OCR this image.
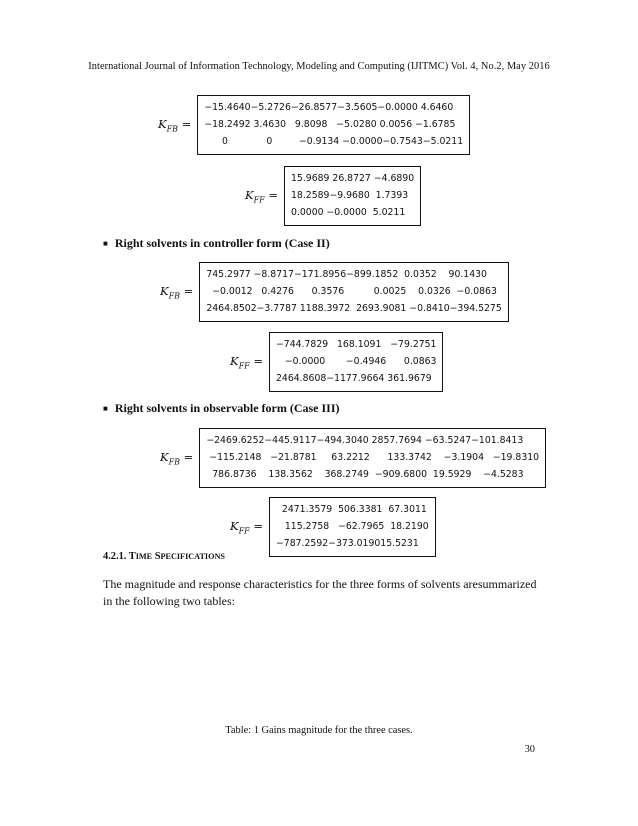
International Journal of Information Technology, Modeling and Computing (IJITMC) Vol. 4, No.2, May 2016
$K_{FB}$ =
−15.4640−5.2726−26.8577−3.5605−0.0000 4.6460
−18.2492 3.4630   9.8098   −5.0280 0.0056 −1.6785
0             0         −0.9134 −0.0000−0.7543−5.0211
$K_{FF}$ =
15.9689 26.8727 −4.6890
18.2589−9.9680  1.7393
0.0000 −0.0000  5.0211
■ Right solvents in controller form (Case II)
$K_{FB}$ =
745.2977 −8.8717−171.8956−899.1852  0.0352    90.1430
−0.0012   0.4276      0.3576          0.0025    0.0326  −0.0863
2464.8502−3.7787 1188.3972  2693.9081 −0.8410−394.5275
$K_{FF}$ =
−744.7829   168.1091   −79.2751
−0.0000       −0.4946      0.0863
2464.8608−1177.9664 361.9679
■ Right solvents in observable form (Case III)
$K_{FB}$ =
−2469.6252−445.9117−494.3040 2857.7694 −63.5247−101.8413
−115.2148   −21.8781     63.2212      133.3742    −3.1904   −19.8310
786.8736    138.3562    368.2749  −909.6800  19.5929    −4.5283
$K_{FF}$ =
2471.3579  506.3381  67.3011
115.2758   −62.7965  18.2190
−787.2592−373.019015.5231
4.2.1. TIME SPECIFICATIONS
The magnitude and response characteristics for the three forms of solvents aresummarized in the following two tables:
Table: 1 Gains magnitude for the three cases.
30
